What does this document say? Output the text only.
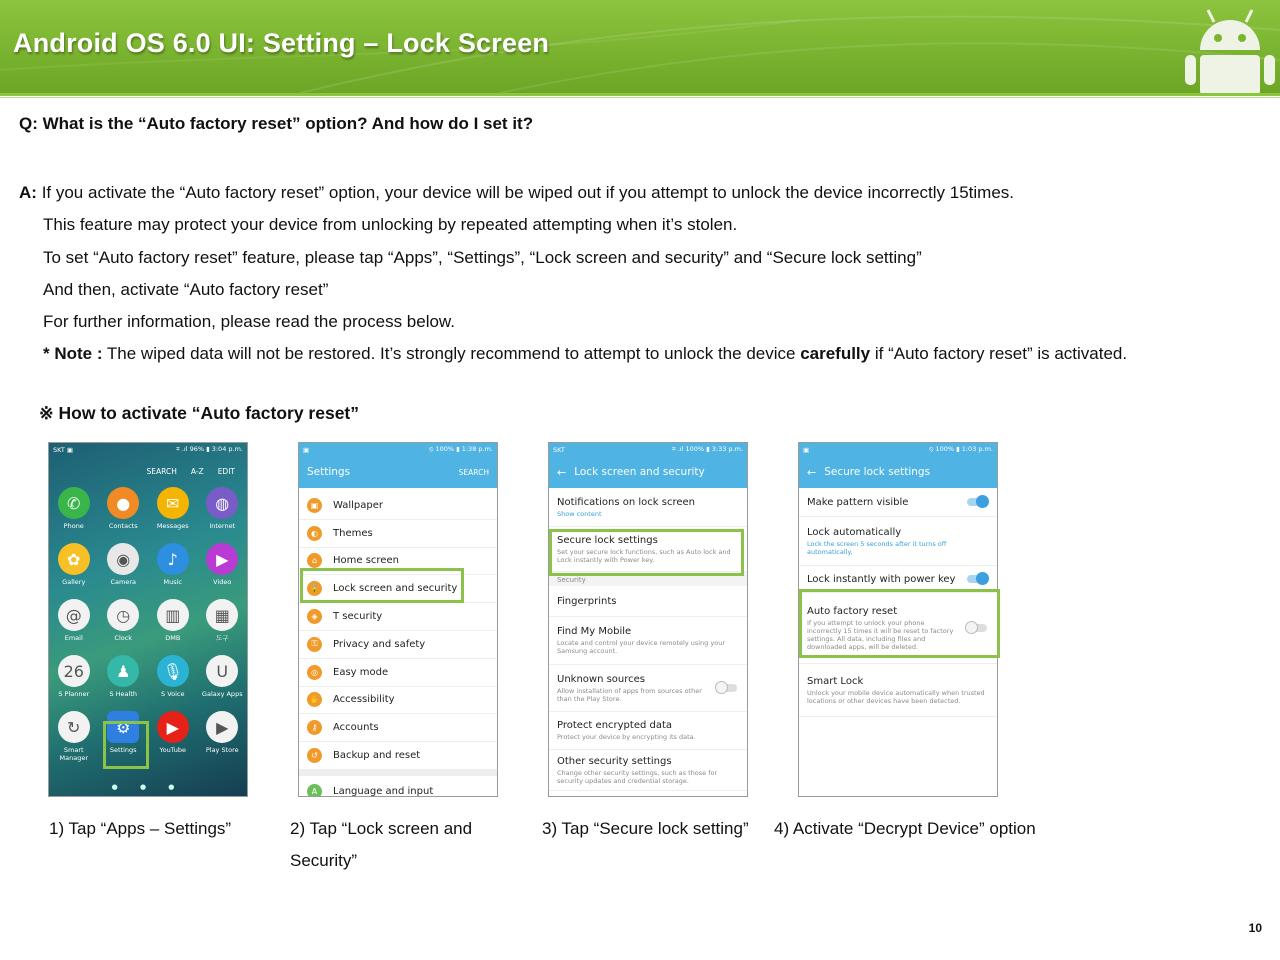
Android OS 6.0 UI: Setting – Lock Screen
Q: What is the “Auto factory reset” option? And how do I set it?
A: If you activate the “Auto factory reset” option, your device will be wiped out if you attempt to unlock the device incorrectly 15times.
This feature may protect your device from unlocking by repeated attempting when it’s stolen.
To set “Auto factory reset” feature, please tap “Apps”, “Settings”, “Lock screen and security” and “Secure lock setting”
And then, activate “Auto factory reset”
For further information, please read the process below.
* Note : The wiped data will not be restored. It’s strongly recommend to attempt to unlock the device carefully if “Auto factory reset” is activated.
※ How to activate “Auto factory reset”
SKT ▣	⌗ .ıl 96% ▮ 3:04 p.m.
SEARCH A-Z EDIT
✆
Phone
●
Contacts
✉
Messages
◍
Internet
✿
Gallery
◉
Camera
♪
Music
▶
Video
@
Email
◷
Clock
▥
DMB
▦
도구
26
S Planner
♟
S Health
🎙
S Voice
U
Galaxy Apps
↻
Smart Manager
⚙
Settings
▶
YouTube
▶
Play Store
● ● ●
▣	⦸ 100% ▮ 1:38 p.m.
Settings	SEARCH
▣	Wallpaper
◐	Themes
⌂	Home screen
🔒 Lock screen and security
◈	T security
⚿	Privacy and safety
◎	Easy mode
✋ Accessibility
⚷	Accounts
↺	Backup and reset
A	Language and input
SKT	⌗ .ıl 100% ▮ 3:33 p.m.
← Lock screen and security
Notifications on lock screen
Show content
Secure lock settings
Set your secure lock functions, such as Auto lock and Lock instantly with Power key.
Security
Fingerprints
Find My Mobile
Locate and control your device remotely using your Samsung account.
Unknown sources
Allow installation of apps from sources other than the Play Store.
Protect encrypted data
Protect your device by encrypting its data.
Other security settings
Change other security settings, such as those for security updates and credential storage.
▣	⦸ 100% ▮ 1:03 p.m.
← Secure lock settings
Make pattern visible
Lock automatically
Lock the screen 5 seconds after it turns off automatically.
Lock instantly with power key
Auto factory reset
If you attempt to unlock your phone incorrectly 15 times it will be reset to factory settings. All data, including files and downloaded apps, will be deleted.
Smart Lock
Unlock your mobile device automatically when trusted locations or other devices have been detected.
1) Tap “Apps – Settings”	2) Tap “Lock screen and
Security”
3) Tap “Secure lock setting” 4) Activate “Decrypt Device” option
10
